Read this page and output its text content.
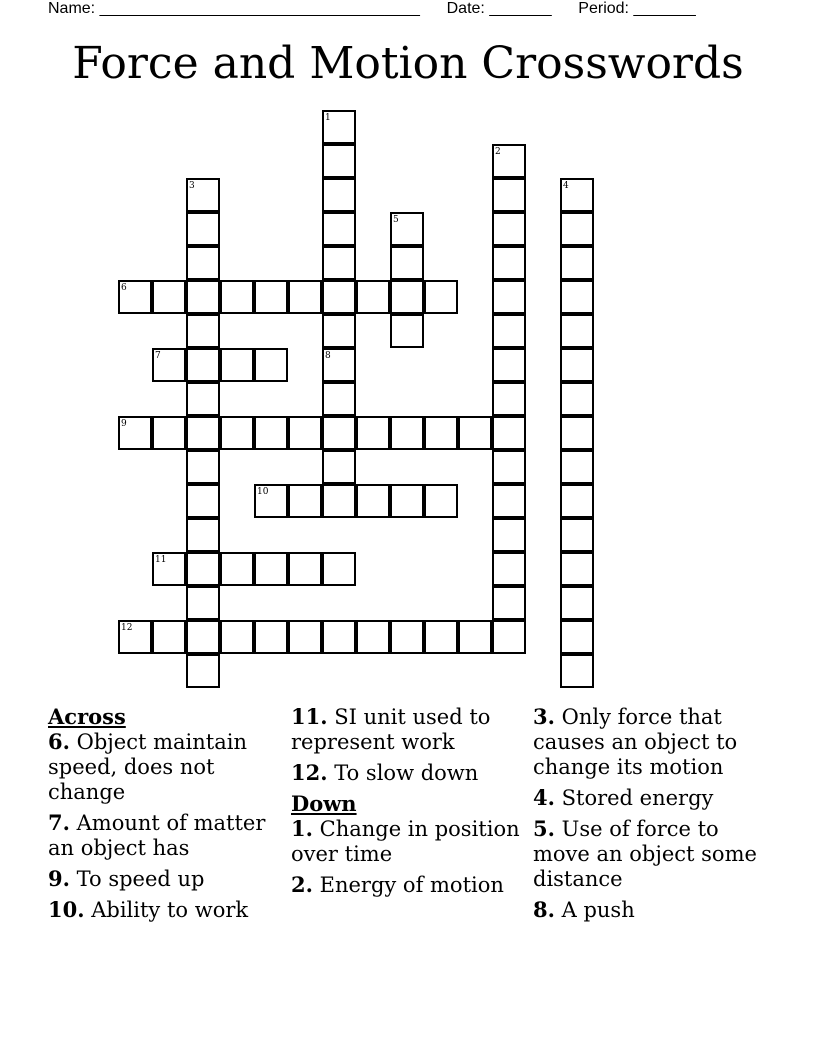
Name: ____________________________________ Date: _______ Period: _______
Force and Motion Crosswords
1
2
3	4
5
6
7	8
9
10
11
12
Across
6. Object maintain speed, does not change
7. Amount of matter an object has
9. To speed up
10. Ability to work
11. SI unit used to represent work
12. To slow down
Down
1. Change in position over time
2. Energy of motion
3. Only force that causes an object to change its motion
4. Stored energy
5. Use of force to move an object some distance
8. A push
